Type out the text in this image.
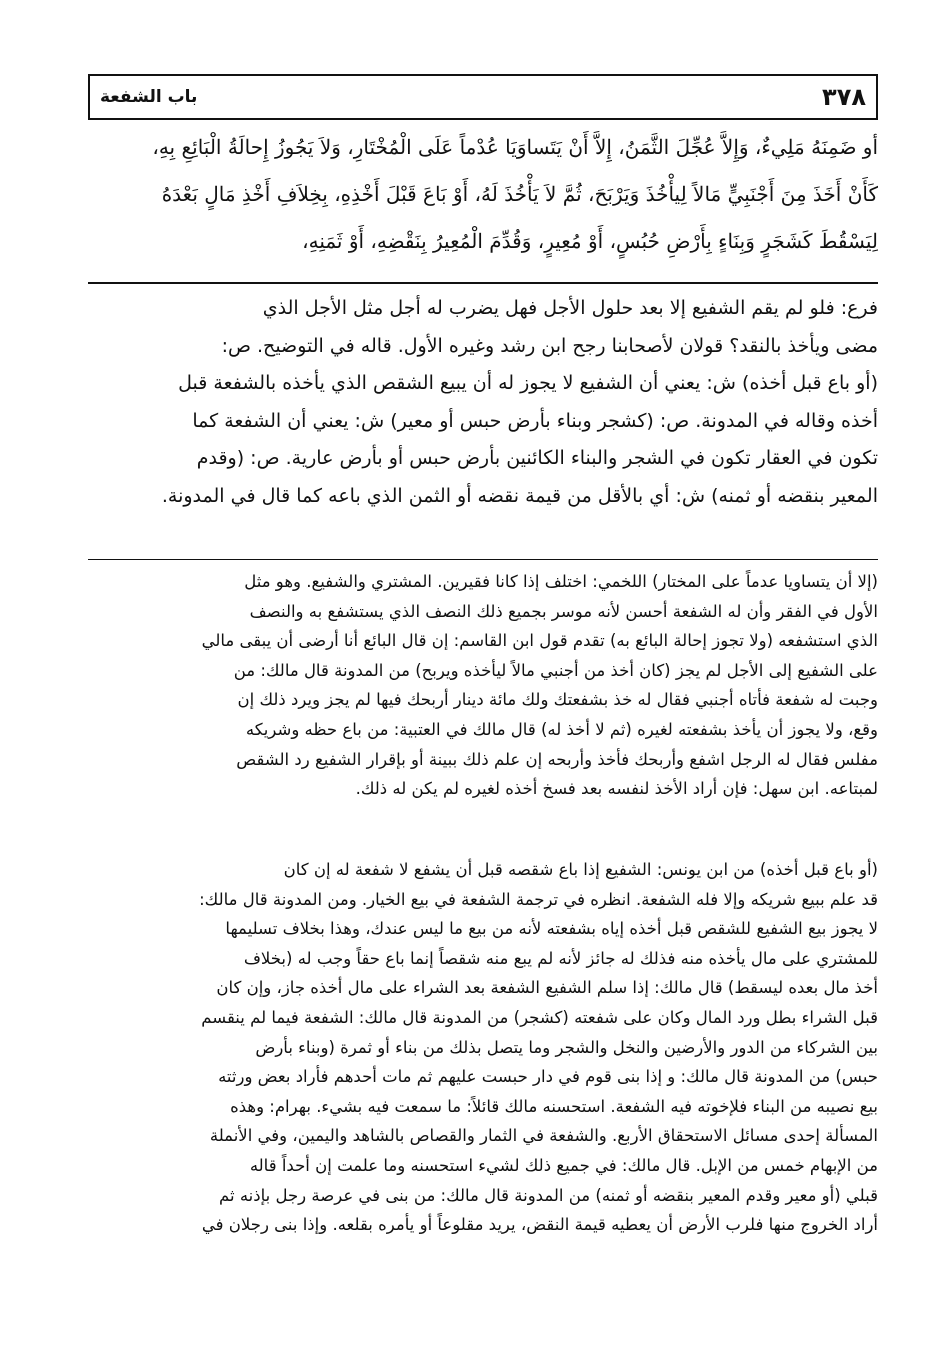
٣٧٨
باب الشفعة

أو ضَمِنَهُ مَلِيءٌ، وَإِلاَّ عُجِّلَ الثَّمَنُ، إِلاَّ أَنْ يَتَساوَيَا عُدْماً عَلَى الْمُخْتَارِ، وَلاَ يَجُوزُ إِحالَةُ الْبَائِعِ بِهِ،

كَأَنْ أَخَذَ مِنَ أَجْنَبِيٍّ مَالاً لِيأْخُذَ وَيَرْبَحَ، ثُمَّ لاَ يَأْخُذَ لَهُ، أَوْ بَاعَ قَبْلَ أَخْذِهِ، بِخِلاَفِ أَخْذِ مَالٍ بَعْدَهُ

لِيَسْقُطَ كَشَجَرٍ وَبِنَاءٍ بِأَرْضِ حُبُسٍ، أَوْ مُعِيرٍ، وَقُدِّمَ الْمُعِيرُ بِنَقْضِهِ، أَوْ ثَمَنِهِ،

فرع: فلو لم يقم الشفيع إلا بعد حلول الأجل فهل يضرب له أجل مثل الأجل الذي

مضى ويأخذ بالنقد؟ قولان لأصحابنا رجح ابن رشد وغيره الأول. قاله في التوضيح. ص:

(أو باع قبل أخذه) ش: يعني أن الشفيع لا يجوز له أن يبيع الشقص الذي يأخذه بالشفعة قبل

أخذه وقاله في المدونة. ص: (كشجر وبناء بأرض حبس أو معير) ش: يعني أن الشفعة كما

تكون في العقار تكون في الشجر والبناء الكائنين بأرض حبس أو بأرض عارية. ص: (وقدم

المعير بنقضه أو ثمنه) ش: أي بالأقل من قيمة نقضه أو الثمن الذي باعه كما قال في المدونة.

(إلا أن يتساويا عدماً على المختار) اللخمي: اختلف إذا كانا فقيرين. المشتري والشفيع. وهو مثل

الأول في الفقر وأن له الشفعة أحسن لأنه موسر بجميع ذلك النصف الذي يستشفع به والنصف

الذي استشفعه (ولا تجوز إحالة البائع به) تقدم قول ابن القاسم: إن قال البائع أنا أرضى أن يبقى مالي

على الشفيع إلى الأجل لم يجز (كان أخذ من أجنبي مالاً ليأخذه ويربح) من المدونة قال مالك: من

وجبت له شفعة فأتاه أجنبي فقال له خذ بشفعتك ولك مائة دينار أربحك فيها لم يجز ويرد ذلك إن

وقع، ولا يجوز أن يأخذ بشفعته لغيره (ثم لا أخذ له) قال مالك في العتبية: من باع حظه وشريكه

مفلس فقال له الرجل اشفع وأربحك فأخذ وأربحه إن علم ذلك ببينة أو بإقرار الشفيع رد الشقص

لمبتاعه. ابن سهل: فإن أراد الأخذ لنفسه بعد فسخ أخذه لغيره لم يكن له ذلك.

(أو باع قبل أخذه) من ابن يونس: الشفيع إذا باع شقصه قبل أن يشفع لا شفعة له إن كان

قد علم ببيع شريكه وإلا فله الشفعة. انظره في ترجمة الشفعة في بيع الخيار. ومن المدونة قال مالك:

لا يجوز بيع الشفيع للشقص قبل أخذه إياه بشفعته لأنه من بيع ما ليس عندك، وهذا بخلاف تسليمها

للمشتري على مال يأخذه منه فذلك له جائز لأنه لم يبع منه شقصاً إنما باع حقاً وجب له (بخلاف

أخذ مال بعده ليسقط) قال مالك: إذا سلم الشفيع الشفعة بعد الشراء على مال أخذه جاز، وإن كان

قبل الشراء بطل ورد المال وكان على شفعته (كشجر) من المدونة قال مالك: الشفعة فيما لم ينقسم

بين الشركاء من الدور والأرضين والنخل والشجر وما يتصل بذلك من بناء أو ثمرة (وبناء بأرض

حبس) من المدونة قال مالك: و إذا بنى قوم في دار حبست عليهم ثم مات أحدهم فأراد بعض ورثته

بيع نصيبه من البناء فلإخوته فيه الشفعة. استحسنه مالك قائلاً: ما سمعت فيه بشيء. بهرام: وهذه

المسألة إحدى مسائل الاستحقاق الأربع. والشفعة في الثمار والقصاص بالشاهد واليمين، وفي الأنملة

من الإبهام خمس من الإبل. قال مالك: في جميع ذلك لشيء استحسنه وما علمت إن أحداً قاله

قبلي (أو معير وقدم المعير بنقضه أو ثمنه) من المدونة قال مالك: من بنى في عرصة رجل بإذنه ثم

أراد الخروج منها فلرب الأرض أن يعطيه قيمة النقض، يريد مقلوعاً أو يأمره بقلعه. وإذا بنى رجلان في
